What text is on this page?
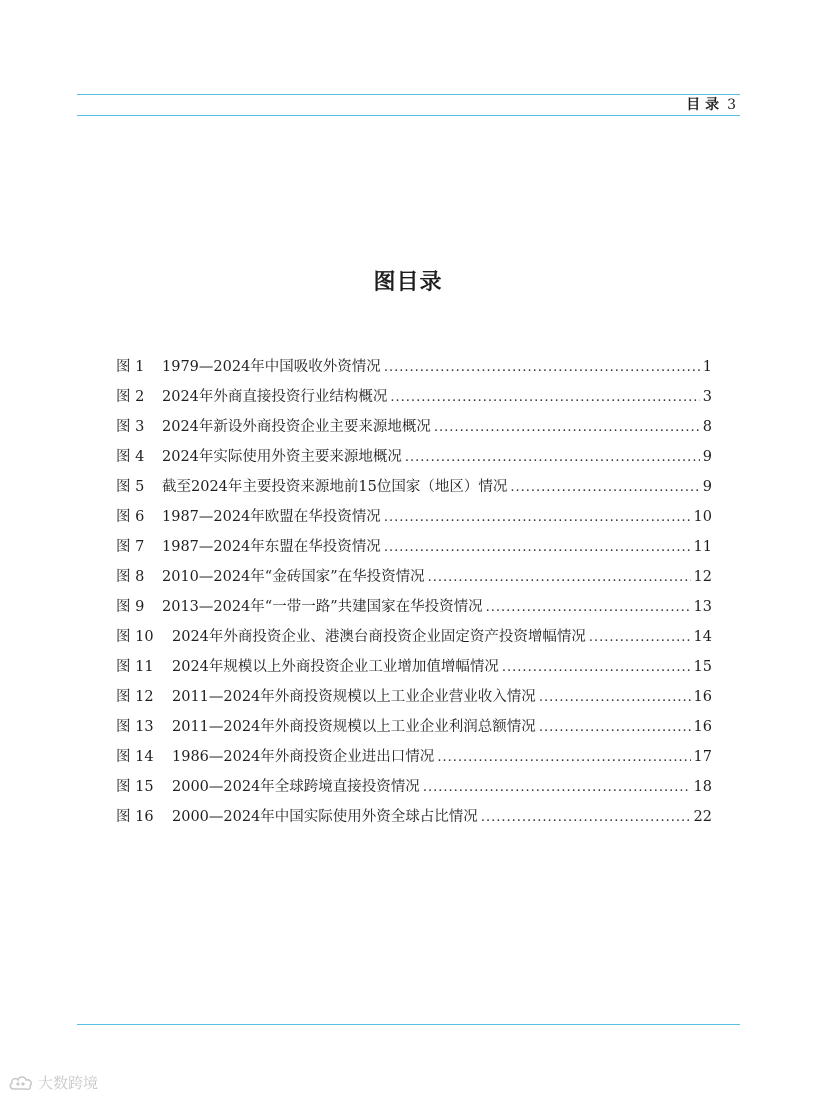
目 录 3
图目录
图 1	1979—2024年中国吸收外资情况 .....	1
图 2	2024年外商直接投资行业结构概况 .....	3
图 3	2024年新设外商投资企业主要来源地概况 .....	8
图 4	2024年实际使用外资主要来源地概况 .....	9
图 5	截至2024年主要投资来源地前15位国家（地区）情况 .....	9
图 6	1987—2024年欧盟在华投资情况 .....	10
图 7	1987—2024年东盟在华投资情况 .....	11
图 8	2010—2024年“金砖国家”在华投资情况 .....	12
图 9	2013—2024年“一带一路”共建国家在华投资情况 .....	13
图 10	2024年外商投资企业、港澳台商投资企业固定资产投资增幅情况 .....	14
图 11	2024年规模以上外商投资企业工业增加值增幅情况 .....	15
图 12	2011—2024年外商投资规模以上工业企业营业收入情况 .....	16
图 13	2011—2024年外商投资规模以上工业企业利润总额情况 .....	16
图 14	1986—2024年外商投资企业进出口情况 .....	17
图 15	2000—2024年全球跨境直接投资情况 .....	18
图 16	2000—2024年中国实际使用外资全球占比情况 .....	22
大数跨境
